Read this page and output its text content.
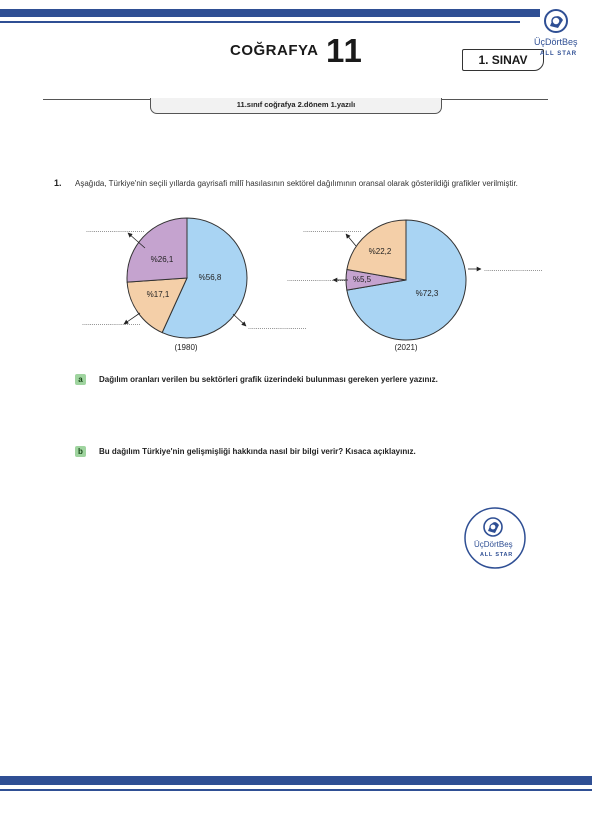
COĞRAFYA 11	1. SINAV
ÜçDörtBeş
ALL STAR
11.sınıf coğrafya 2.dönem 1.yazılı
1. Aşağıda, Türkiye'nin seçili yıllarda gayrisafi millî hasılasının sektörel dağılımının oransal olarak gösterildiği grafikler verilmiştir.
%56,8
%17,1
%26,1
%72,3
%5,5
%22,2
..............................
..............................
..............................
..............................
..............................
..............................
(1980)	(2021)
a	Dağılım oranları verilen bu sektörleri grafik üzerindeki bulunması gereken yerlere yazınız.
b	Bu dağılım Türkiye'nin gelişmişliği hakkında nasıl bir bilgi verir? Kısaca açıklayınız.
ÜçDörtBeş
ALL STAR
